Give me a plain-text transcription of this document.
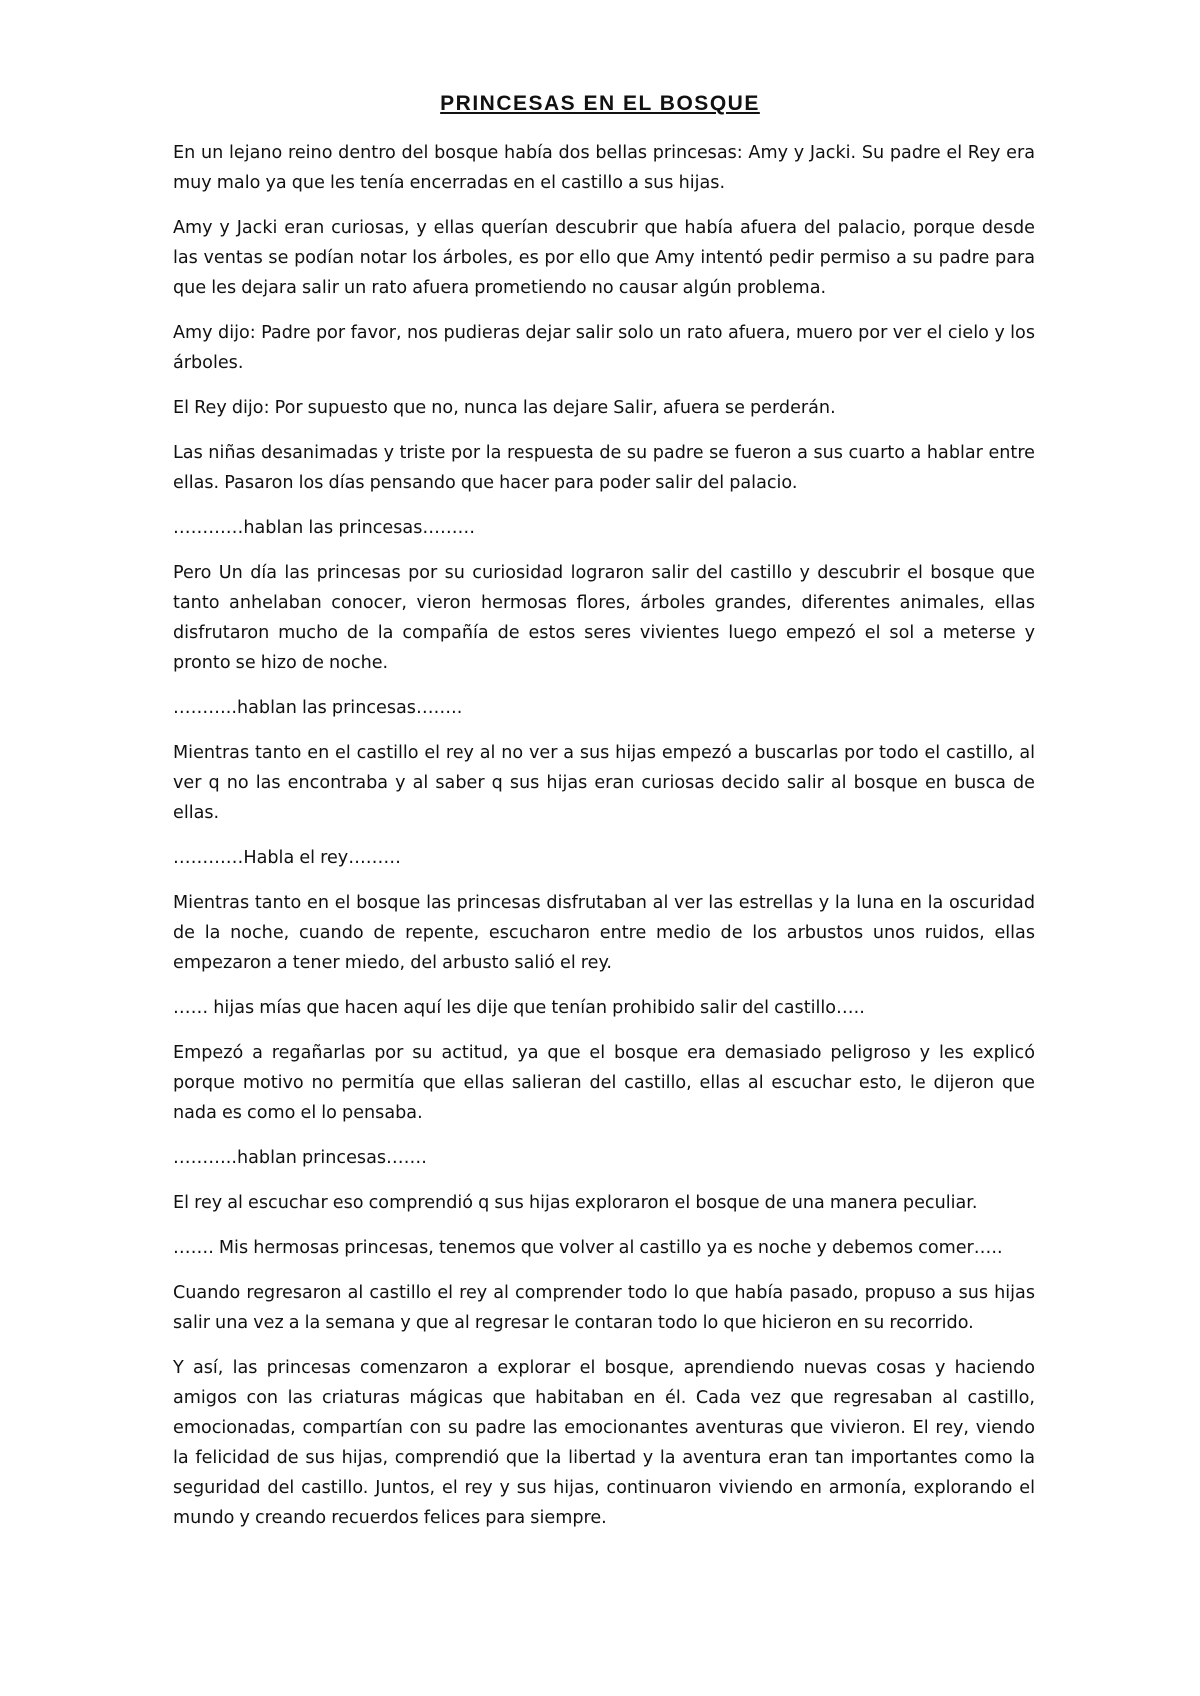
PRINCESAS EN EL BOSQUE

En un lejano reino dentro del bosque había dos bellas princesas: Amy y Jacki. Su padre el Rey era muy malo ya que les tenía encerradas en el castillo a sus hijas.

Amy y Jacki eran curiosas, y ellas querían descubrir que había afuera del palacio, porque desde las ventas se podían notar los árboles, es por ello que Amy intentó pedir permiso a su padre para que les dejara salir un rato afuera prometiendo no causar algún problema.

Amy dijo: Padre por favor, nos pudieras dejar salir solo un rato afuera, muero por ver el cielo y los árboles.

El Rey dijo: Por supuesto que no, nunca las dejare Salir, afuera se perderán.

Las niñas desanimadas y triste por la respuesta de su padre se fueron a sus cuarto a hablar entre ellas. Pasaron los días pensando que hacer para poder salir del palacio.

…………hablan las princesas………

Pero Un día las princesas por su curiosidad lograron salir del castillo y descubrir el bosque que tanto anhelaban conocer, vieron hermosas flores, árboles grandes, diferentes animales, ellas disfrutaron mucho de la compañía de estos seres vivientes luego empezó el sol a meterse y pronto se hizo de noche.

………..hablan las princesas……..

Mientras tanto en el castillo el rey al no ver a sus hijas empezó a buscarlas por todo el castillo, al ver q no las encontraba y al saber q sus hijas eran curiosas decido salir al bosque en busca de ellas.

…………Habla el rey………

Mientras tanto en el bosque las princesas disfrutaban al ver las estrellas y la luna en la oscuridad de la noche, cuando de repente, escucharon entre medio de los arbustos unos ruidos, ellas empezaron a tener miedo, del arbusto salió el rey.

…… hijas mías que hacen aquí les dije que tenían prohibido salir del castillo…..

Empezó a regañarlas por su actitud, ya que el bosque era demasiado peligroso y les explicó porque motivo no permitía que ellas salieran del castillo, ellas al escuchar esto, le dijeron que nada es como el lo pensaba.

………..hablan princesas…….

El rey al escuchar eso comprendió q sus hijas exploraron el bosque de una manera peculiar.

……. Mis hermosas princesas, tenemos que volver al castillo ya es noche y debemos comer…..

Cuando regresaron al castillo el rey al comprender todo lo que había pasado, propuso a sus hijas salir una vez a la semana y que al regresar le contaran todo lo que hicieron en su recorrido.

Y así, las princesas comenzaron a explorar el bosque, aprendiendo nuevas cosas y haciendo amigos con las criaturas mágicas que habitaban en él. Cada vez que regresaban al castillo, emocionadas, compartían con su padre las emocionantes aventuras que vivieron. El rey, viendo la felicidad de sus hijas, comprendió que la libertad y la aventura eran tan importantes como la seguridad del castillo. Juntos, el rey y sus hijas, continuaron viviendo en armonía, explorando el mundo y creando recuerdos felices para siempre.
